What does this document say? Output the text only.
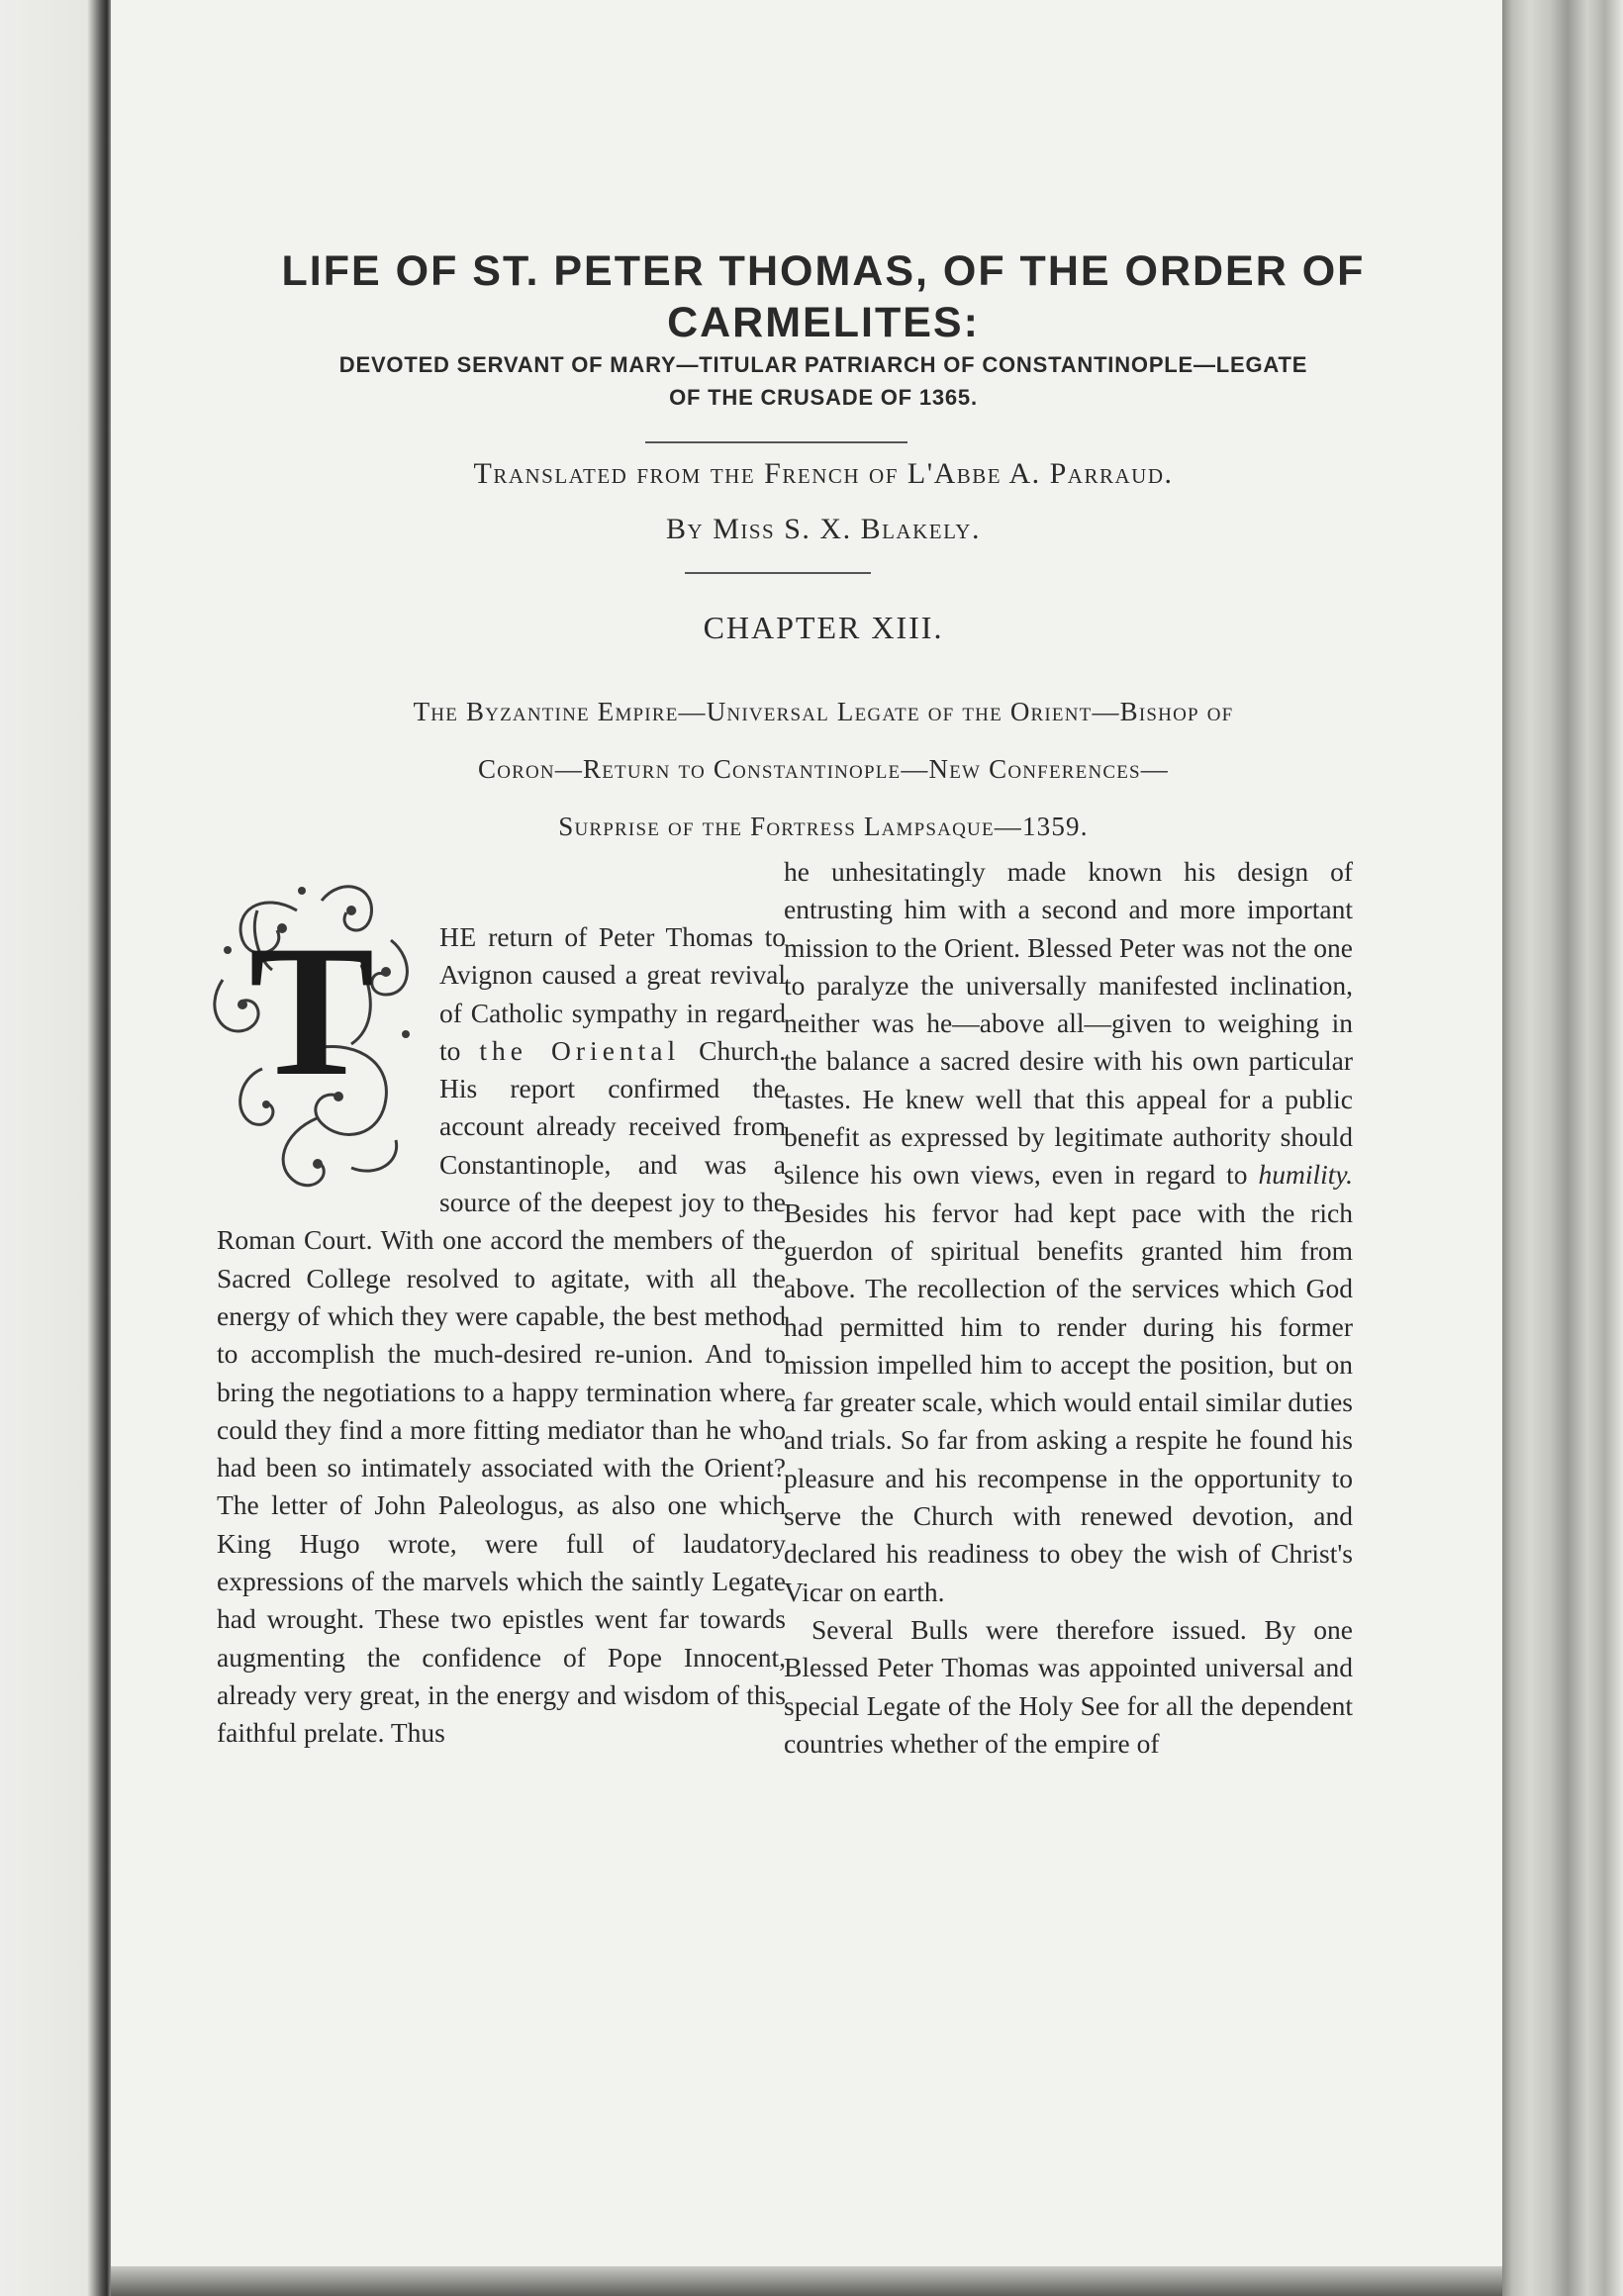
LIFE OF ST. PETER THOMAS, OF THE ORDER OF
CARMELITES:
DEVOTED SERVANT OF MARY—TITULAR PATRIARCH OF CONSTANTINOPLE—LEGATE
OF THE CRUSADE OF 1365.
Translated from the French of L'Abbe A. Parraud.
By Miss S. X. Blakely.
CHAPTER XIII.
The Byzantine Empire—Universal Legate of the Orient—Bishop of
Coron—Return to Constantinople—New Conferences—
Surprise of the Fortress Lampsaque—1359.

T HE return of Peter Thomas to Avignon caused a great revival of Catholic sympathy in regard to the Oriental Church. His report confirmed the account already received from Constantinople, and was a source of the deepest joy to the Roman Court. With one accord the members of the Sacred College resolved to agitate, with all the energy of which they were capable, the best method to accomplish the much-desired re-union. And to bring the negotiations to a happy termination where could they find a more fitting mediator than he who had been so intimately associated with the Orient? The letter of John Paleologus, as also one which King Hugo wrote, were full of laudatory expressions of the marvels which the saintly Legate had wrought. These two epistles went far towards augmenting the confidence of Pope Innocent, already very great, in the energy and wisdom of this faithful prelate. Thus

he unhesitatingly made known his design of entrusting him with a second and more important mission to the Orient. Blessed Peter was not the one to paralyze the universally manifested inclination, neither was he—above all—given to weighing in the balance a sacred desire with his own particular tastes. He knew well that this appeal for a public benefit as expressed by legitimate authority should silence his own views, even in regard to humility. Besides his fervor had kept pace with the rich guerdon of spiritual benefits granted him from above. The recollection of the services which God had permitted him to render during his former mission impelled him to accept the position, but on a far greater scale, which would entail similar duties and trials. So far from asking a respite he found his pleasure and his recompense in the opportunity to serve the Church with renewed devotion, and declared his readiness to obey the wish of Christ's Vicar on earth.

Several Bulls were therefore issued. By one Blessed Peter Thomas was appointed universal and special Legate of the Holy See for all the dependent countries whether of the empire of
